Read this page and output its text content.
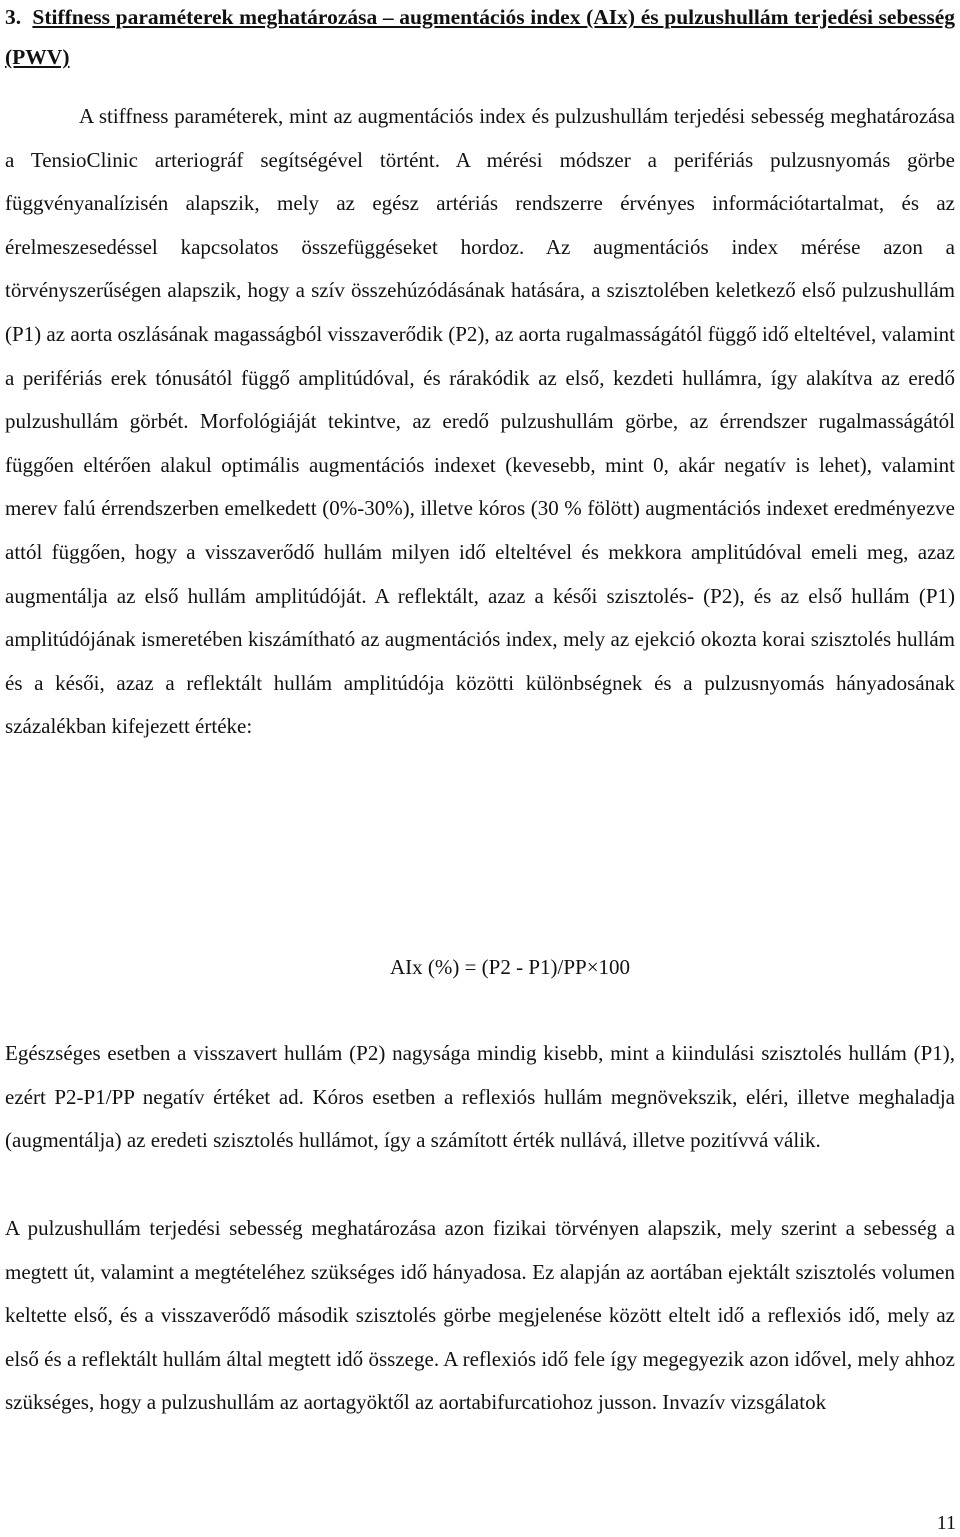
3. Stiffness paraméterek meghatározása – augmentációs index (AIx) és pulzushullám terjedési sebesség (PWV)

A stiffness paraméterek, mint az augmentációs index és pulzushullám terjedési sebesség meghatározása a TensioClinic arteriográf segítségével történt. A mérési módszer a perifériás pulzusnyomás görbe függvényanalízisén alapszik, mely az egész artériás rendszerre érvényes információtartalmat, és az érelmeszesedéssel kapcsolatos összefüggéseket hordoz. Az augmentációs index mérése azon a törvényszerűségen alapszik, hogy a szív összehúzódásának hatására, a szisztolében keletkező első pulzushullám (P1) az aorta oszlásának magasságból visszaverődik (P2), az aorta rugalmasságától függő idő elteltével, valamint a perifériás erek tónusától függő amplitúdóval, és rárakódik az első, kezdeti hullámra, így alakítva az eredő pulzushullám görbét. Morfológiáját tekintve, az eredő pulzushullám görbe, az érrendszer rugalmasságától függően eltérően alakul optimális augmentációs indexet (kevesebb, mint 0, akár negatív is lehet), valamint merev falú érrendszerben emelkedett (0%-30%), illetve kóros (30 % fölött) augmentációs indexet eredményezve attól függően, hogy a visszaverődő hullám milyen idő elteltével és mekkora amplitúdóval emeli meg, azaz augmentálja az első hullám amplitúdóját. A reflektált, azaz a késői szisztolés- (P2), és az első hullám (P1) amplitúdójának ismeretében kiszámítható az augmentációs index, mely az ejekció okozta korai szisztolés hullám és a késői, azaz a reflektált hullám amplitúdója közötti különbségnek és a pulzusnyomás hányadosának százalékban kifejezett értéke:

AIx (%) = (P2 - P1)/PP×100

Egészséges esetben a visszavert hullám (P2) nagysága mindig kisebb, mint a kiindulási szisztolés hullám (P1), ezért P2-P1/PP negatív értéket ad. Kóros esetben a reflexiós hullám megnövekszik, eléri, illetve meghaladja (augmentálja) az eredeti szisztolés hullámot, így a számított érték nullává, illetve pozitívvá válik.

A pulzushullám terjedési sebesség meghatározása azon fizikai törvényen alapszik, mely szerint a sebesség a megtett út, valamint a megtételéhez szükséges idő hányadosa. Ez alapján az aortában ejektált szisztolés volumen keltette első, és a visszaverődő második szisztolés görbe megjelenése között eltelt idő a reflexiós idő, mely az első és a reflektált hullám által megtett idő összege. A reflexiós idő fele így megegyezik azon idővel, mely ahhoz szükséges, hogy a pulzushullám az aortagyöktől az aortabifurcatiohoz jusson. Invazív vizsgálatok

11
